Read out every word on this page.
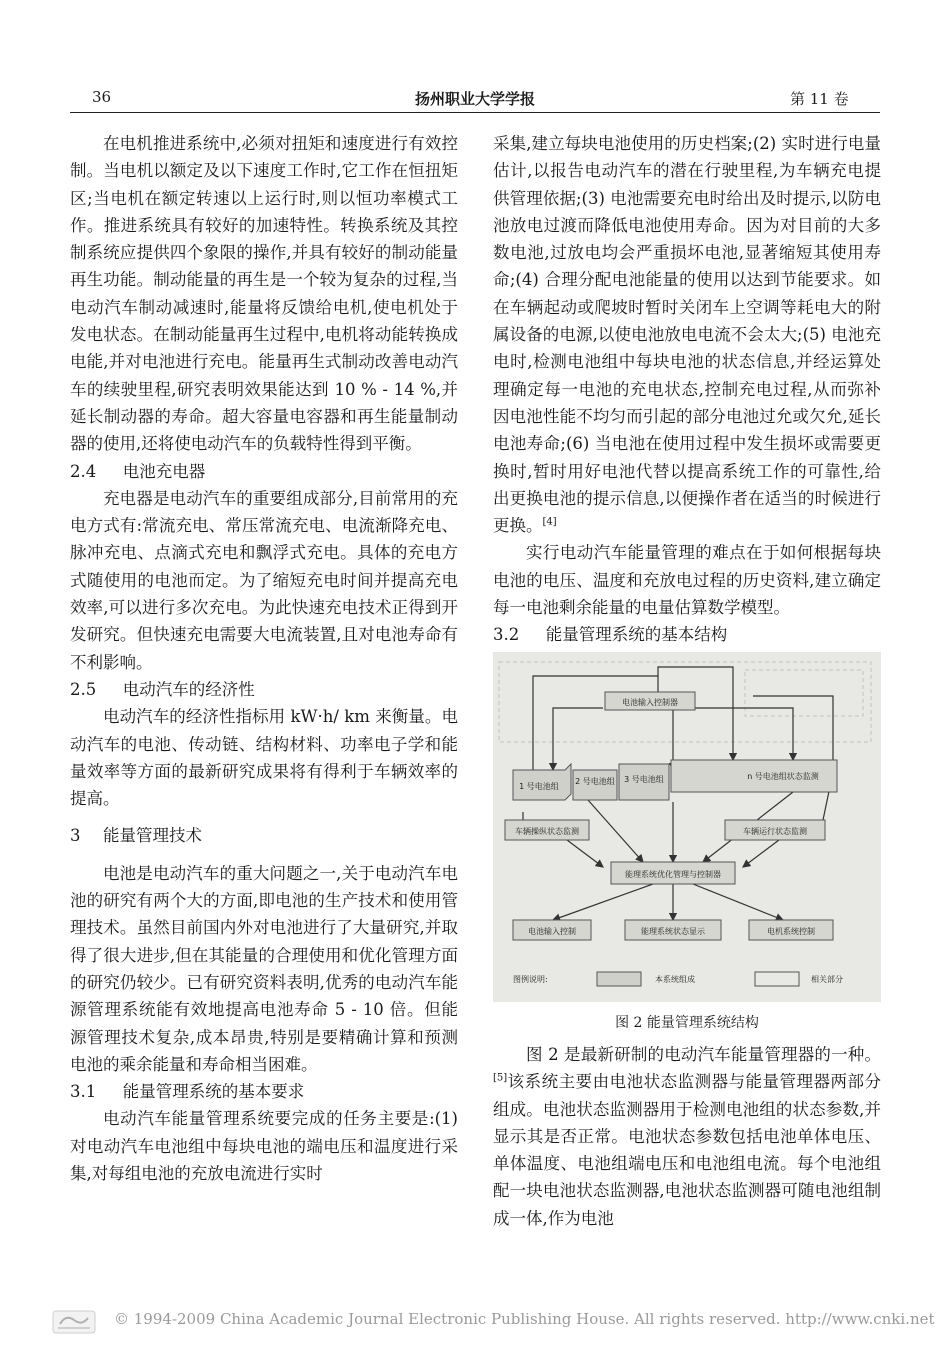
36	扬州职业大学学报	第 11 卷

在电机推进系统中,必须对扭矩和速度进行有效控制。当电机以额定及以下速度工作时,它工作在恒扭矩区;当电机在额定转速以上运行时,则以恒功率模式工作。推进系统具有较好的加速特性。转换系统及其控制系统应提供四个象限的操作,并具有较好的制动能量再生功能。制动能量的再生是一个较为复杂的过程,当电动汽车制动减速时,能量将反馈给电机,使电机处于发电状态。在制动能量再生过程中,电机将动能转换成电能,并对电池进行充电。能量再生式制动改善电动汽车的续驶里程,研究表明效果能达到 10 % - 14 %,并延长制动器的寿命。超大容量电容器和再生能量制动器的使用,还将使电动汽车的负载特性得到平衡。

2.4 电池充电器

充电器是电动汽车的重要组成部分,目前常用的充电方式有:常流充电、常压常流充电、电流渐降充电、脉冲充电、点滴式充电和飘浮式充电。具体的充电方式随使用的电池而定。为了缩短充电时间并提高充电效率,可以进行多次充电。为此快速充电技术正得到开发研究。但快速充电需要大电流装置,且对电池寿命有不利影响。

2.5 电动汽车的经济性

电动汽车的经济性指标用 kW·h/ km 来衡量。电动汽车的电池、传动链、结构材料、功率电子学和能量效率等方面的最新研究成果将有得利于车辆效率的提高。

3 能量管理技术

电池是电动汽车的重大问题之一,关于电动汽车电池的研究有两个大的方面,即电池的生产技术和使用管理技术。虽然目前国内外对电池进行了大量研究,并取得了很大进步,但在其能量的合理使用和优化管理方面的研究仍较少。已有研究资料表明,优秀的电动汽车能源管理系统能有效地提高电池寿命 5 - 10 倍。但能源管理技术复杂,成本昂贵,特别是要精确计算和预测电池的乘余能量和寿命相当困难。

3.1 能量管理系统的基本要求

电动汽车能量管理系统要完成的任务主要是:(1) 对电动汽车电池组中每块电池的端电压和温度进行采集,对每组电池的充放电流进行实时

采集,建立每块电池使用的历史档案;(2) 实时进行电量估计,以报告电动汽车的潜在行驶里程,为车辆充电提供管理依据;(3) 电池需要充电时给出及时提示,以防电池放电过渡而降低电池使用寿命。因为对目前的大多数电池,过放电均会严重损坏电池,显著缩短其使用寿命;(4) 合理分配电池能量的使用以达到节能要求。如在车辆起动或爬坡时暂时关闭车上空调等耗电大的附属设备的电源,以使电池放电电流不会太大;(5) 电池充电时,检测电池组中每块电池的状态信息,并经运算处理确定每一电池的充电状态,控制充电过程,从而弥补因电池性能不均匀而引起的部分电池过允或欠允,延长电池寿命;(6) 当电池在使用过程中发生损坏或需要更换时,暂时用好电池代替以提高系统工作的可靠性,给出更换电池的提示信息,以便操作者在适当的时候进行更换。[4]

实行电动汽车能量管理的难点在于如何根据每块电池的电压、温度和充放电过程的历史资料,建立确定每一电池剩余能量的电量估算数学模型。

3.2 能量管理系统的基本结构

电池输入控制器
1 号电池组
2 号电池组 3 号电池组	n 号电池组状态监测
车辆操纵状态监测	车辆运行状态监测
能理系统优化管理与控制器
电池输入控制	能理系统状态显示	电机系统控制
图例说明:	本系统组成	相关部分
图 2 能量管理系统结构

图 2 是最新研制的电动汽车能量管理器的一种。[5]该系统主要由电池状态监测器与能量管理器两部分组成。电池状态监测器用于检测电池组的状态参数,并显示其是否正常。电池状态参数包括电池单体电压、单体温度、电池组端电压和电池组电流。每个电池组配一块电池状态监测器,电池状态监测器可随电池组制成一体,作为电池

© 1994-2009 China Academic Journal Electronic Publishing House. All rights reserved. http://www.cnki.net
